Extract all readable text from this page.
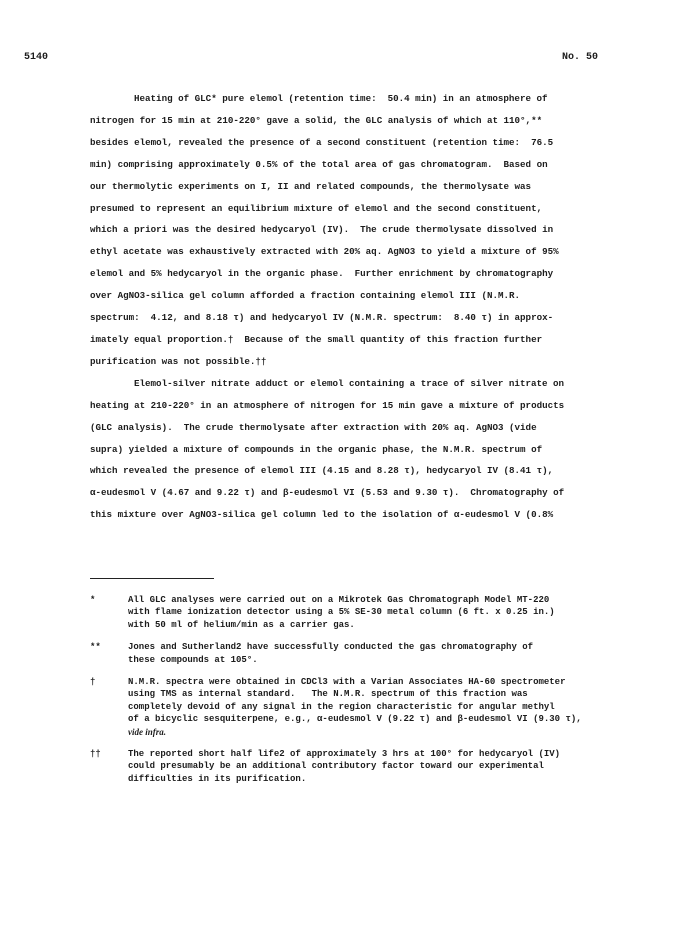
5140	No. 50
Heating of GLC* pure elemol (retention time:  50.4 min) in an atmosphere of
nitrogen for 15 min at 210-220° gave a solid, the GLC analysis of which at 110°,**
besides elemol, revealed the presence of a second constituent (retention time:  76.5
min) comprising approximately 0.5% of the total area of gas chromatogram.  Based on
our thermolytic experiments on I, II and related compounds, the thermolysate was
presumed to represent an equilibrium mixture of elemol and the second constituent,
which a priori was the desired hedycaryol (IV).  The crude thermolysate dissolved in
ethyl acetate was exhaustively extracted with 20% aq. AgNO3 to yield a mixture of 95%
elemol and 5% hedycaryol in the organic phase.  Further enrichment by chromatography
over AgNO3-silica gel column afforded a fraction containing elemol III (N.M.R.
spectrum:  4.12, and 8.18 τ) and hedycaryol IV (N.M.R. spectrum:  8.40 τ) in approx-
imately equal proportion.†  Because of the small quantity of this fraction further
purification was not possible.††
Elemol-silver nitrate adduct or elemol containing a trace of silver nitrate on
heating at 210-220° in an atmosphere of nitrogen for 15 min gave a mixture of products
(GLC analysis).  The crude thermolysate after extraction with 20% aq. AgNO3 (vide
supra) yielded a mixture of compounds in the organic phase, the N.M.R. spectrum of
which revealed the presence of elemol III (4.15 and 8.28 τ), hedycaryol IV (8.41 τ),
α-eudesmol V (4.67 and 9.22 τ) and β-eudesmol VI (5.53 and 9.30 τ).  Chromatography of
this mixture over AgNO3-silica gel column led to the isolation of α-eudesmol V (0.8%
*	All GLC analyses were carried out on a Mikrotek Gas Chromatograph Model MT-220
with flame ionization detector using a 5% SE-30 metal column (6 ft. x 0.25 in.)
with 50 ml of helium/min as a carrier gas.
**	Jones and Sutherland2 have successfully conducted the gas chromatography of
these compounds at 105°.
†	N.M.R. spectra were obtained in CDCl3 with a Varian Associates HA-60 spectrometer
using TMS as internal standard.   The N.M.R. spectrum of this fraction was
completely devoid of any signal in the region characteristic for angular methyl
of a bicyclic sesquiterpene, e.g., α-eudesmol V (9.22 τ) and β-eudesmol VI (9.30 τ),
vide infra.
††	The reported short half life2 of approximately 3 hrs at 100° for hedycaryol (IV)
could presumably be an additional contributory factor toward our experimental
difficulties in its purification.
